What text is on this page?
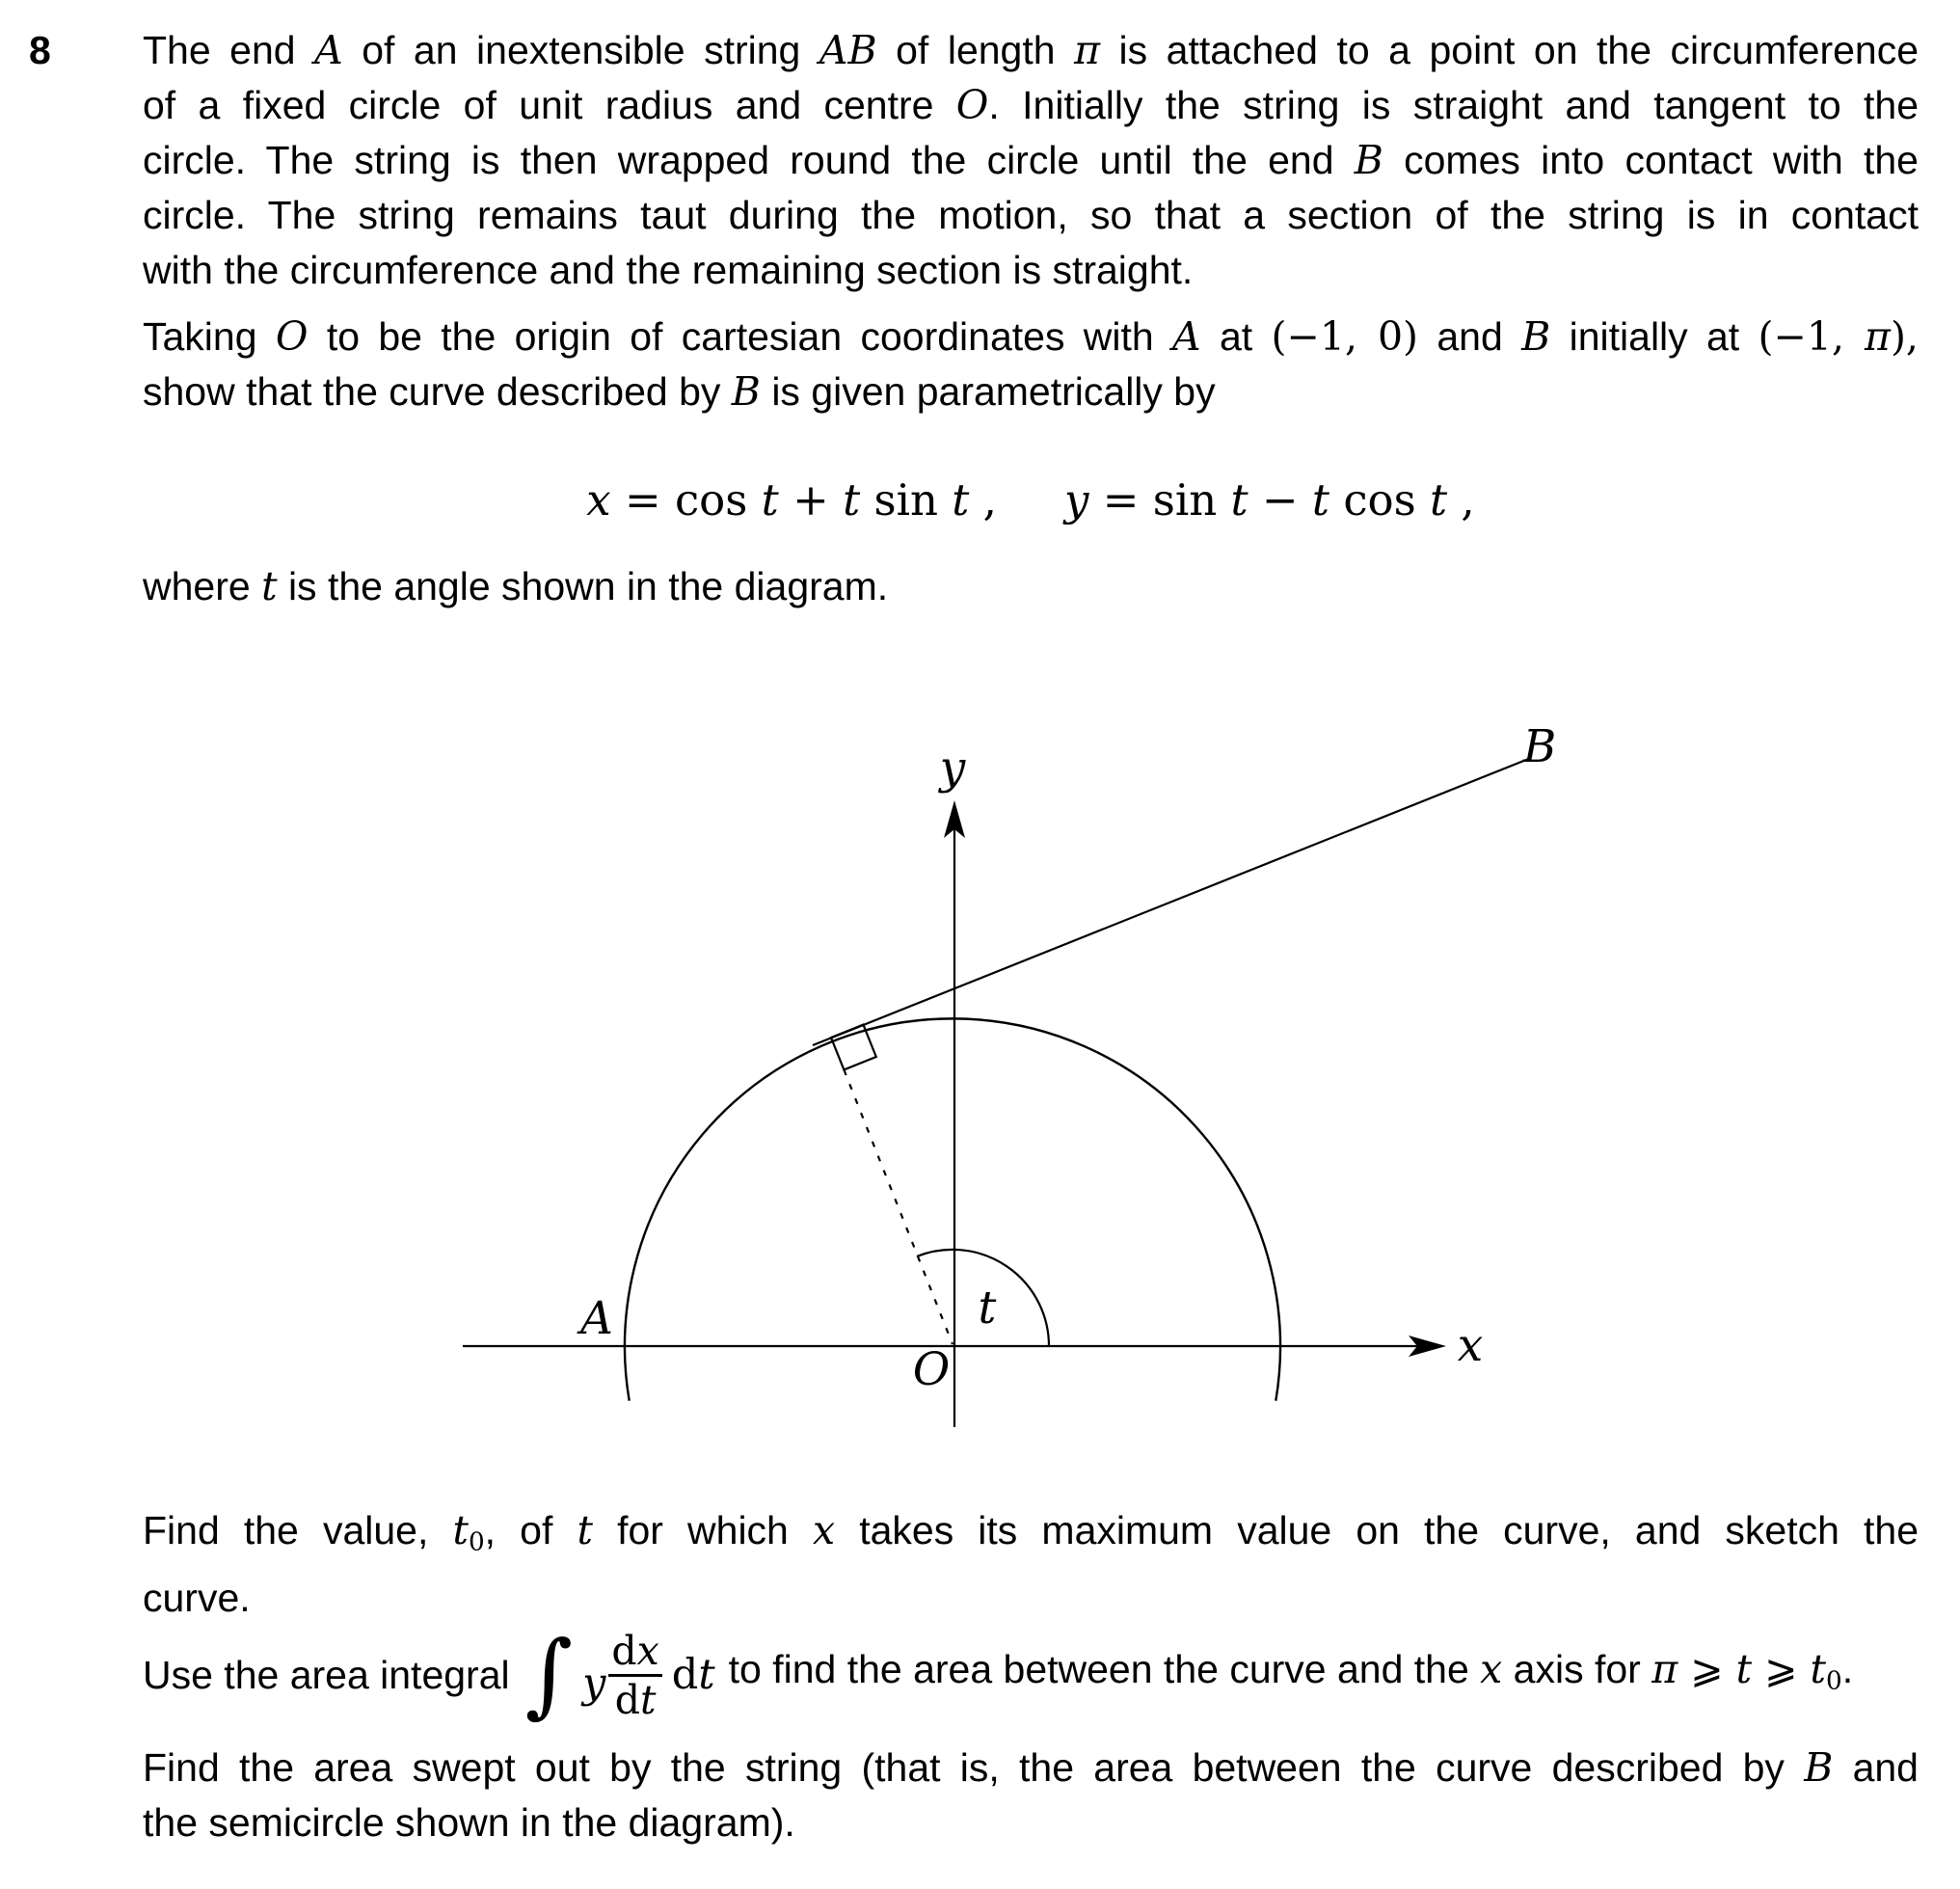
8 The end A of an inextensible string AB of length π is attached to a point on the circumference
of a fixed circle of unit radius and centre O. Initially the string is straight and tangent to the
circle. The string is then wrapped round the circle until the end B comes into contact with the
circle. The string remains taut during the motion, so that a section of the string is in contact
with the circumference and the remaining section is straight.
Taking O to be the origin of cartesian coordinates with A at (−1, 0) and B initially at (−1, π),
show that the curve described by B is given parametrically by
x = cos t + t sin t , y = sin t − t cos t ,
where t is the angle shown in the diagram.
y	B
A	t
O	x
Find the value, t0, of t for which x takes its maximum value on the curve, and sketch the
curve.
Use the area integral ∫ y $\frac{dx}{dt}$ dt to find the area between the curve and the x axis for π ⩾ t ⩾ t0.
Find the area swept out by the string (that is, the area between the curve described by B and
the semicircle shown in the diagram).
